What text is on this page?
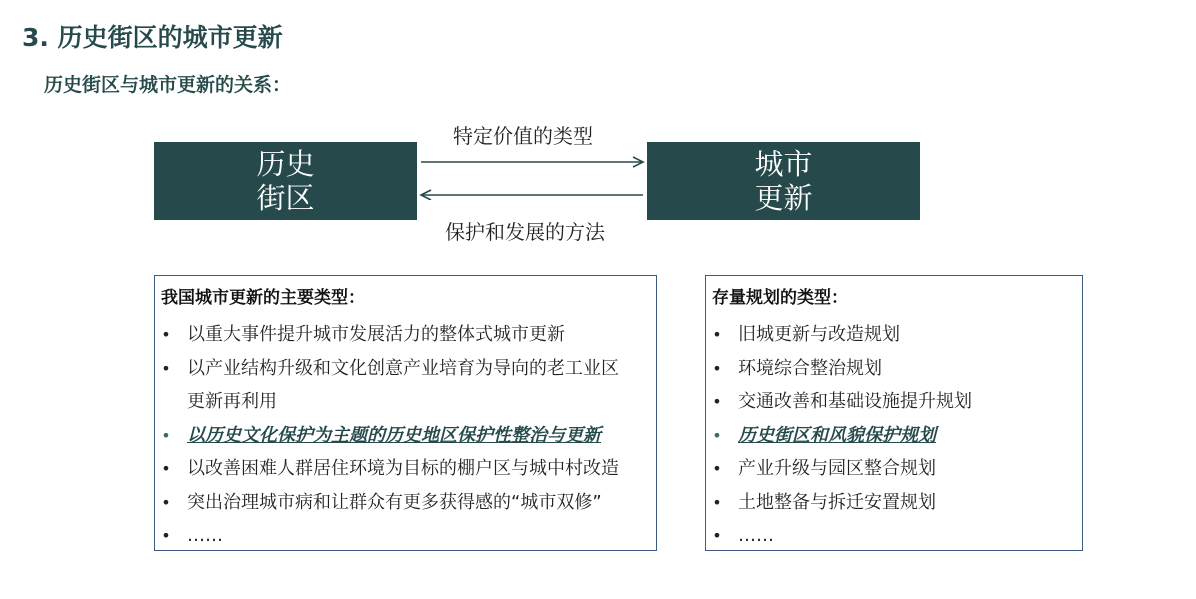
3. 历史街区的城市更新
历史街区与城市更新的关系：
历史
街区
特定价值的类型
保护和发展的方法
城市
更新
我国城市更新的主要类型：
• 以重大事件提升城市发展活力的整体式城市更新
• 以产业结构升级和文化创意产业培育为导向的老工业区
更新再利用
• 以历史文化保护为主题的历史地区保护性整治与更新
• 以改善困难人群居住环境为目标的棚户区与城中村改造
• 突出治理城市病和让群众有更多获得感的“城市双修”
• ……
存量规划的类型：
• 旧城更新与改造规划
• 环境综合整治规划
• 交通改善和基础设施提升规划
• 历史街区和风貌保护规划
• 产业升级与园区整合规划
• 土地整备与拆迁安置规划
• ……
